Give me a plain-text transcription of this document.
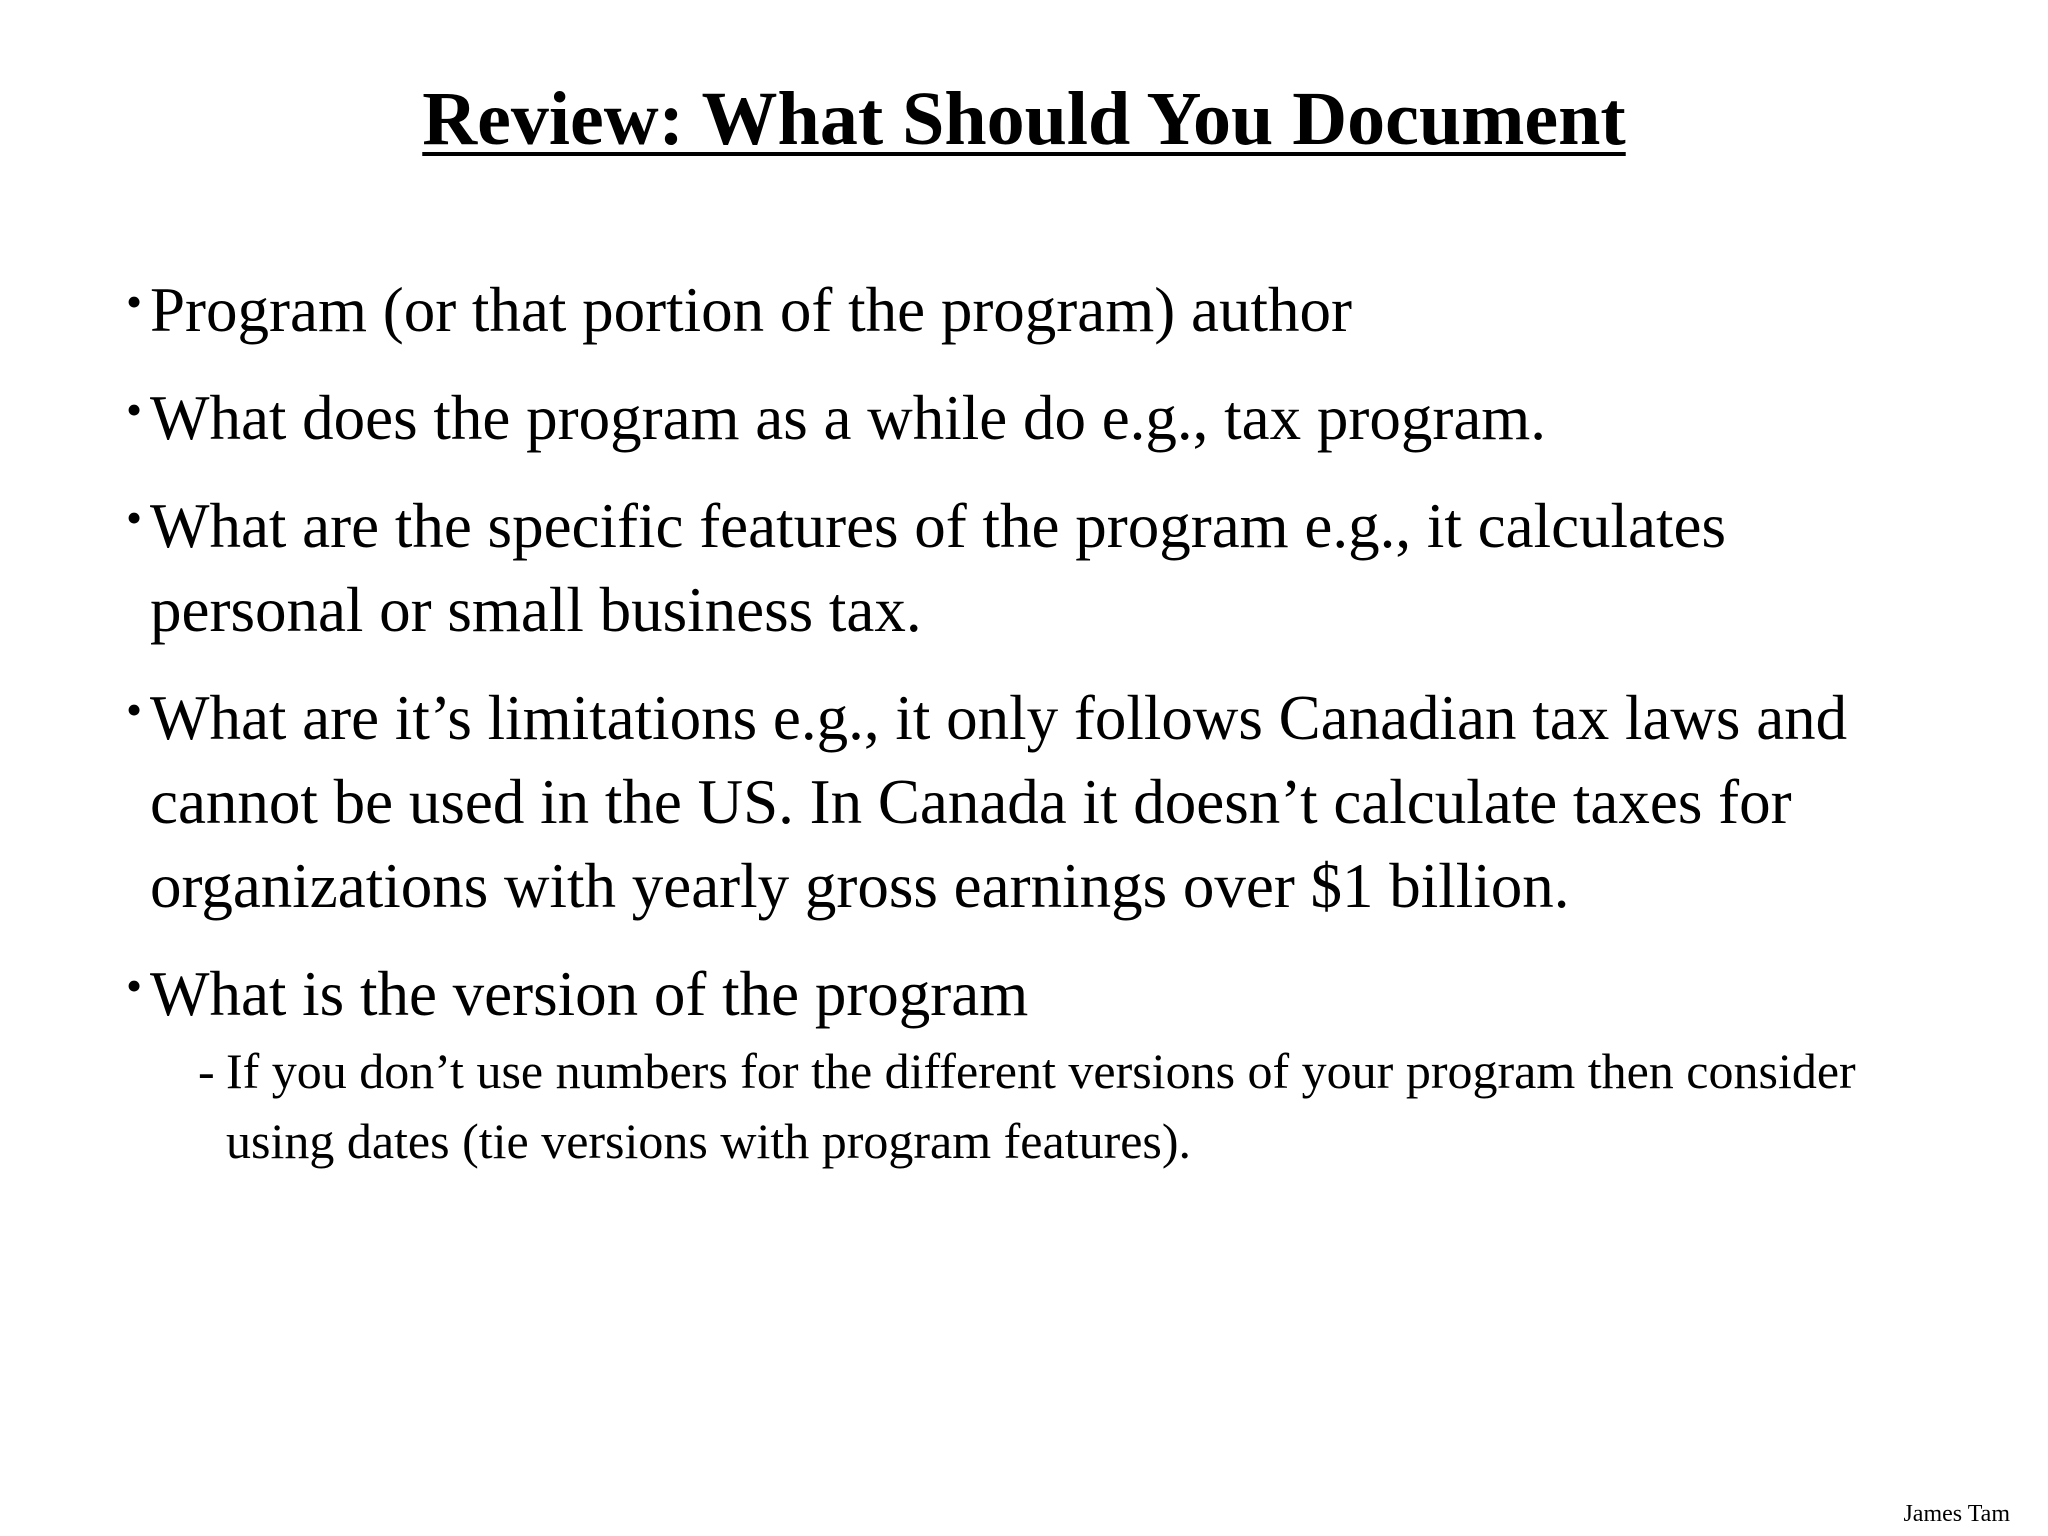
Review: What Should You Document
• Program (or that portion of the program) author
• What does the program as a while do e.g., tax program.
• What are the specific features of the program e.g., it calculates personal or small business tax.
• What are it’s limitations e.g., it only follows Canadian tax laws and cannot be used in the US. In Canada it doesn’t calculate taxes for organizations with yearly gross earnings over $1 billion.
• What is the version of the program
- If you don’t use numbers for the different versions of your program then consider using dates (tie versions with program features).
James Tam
